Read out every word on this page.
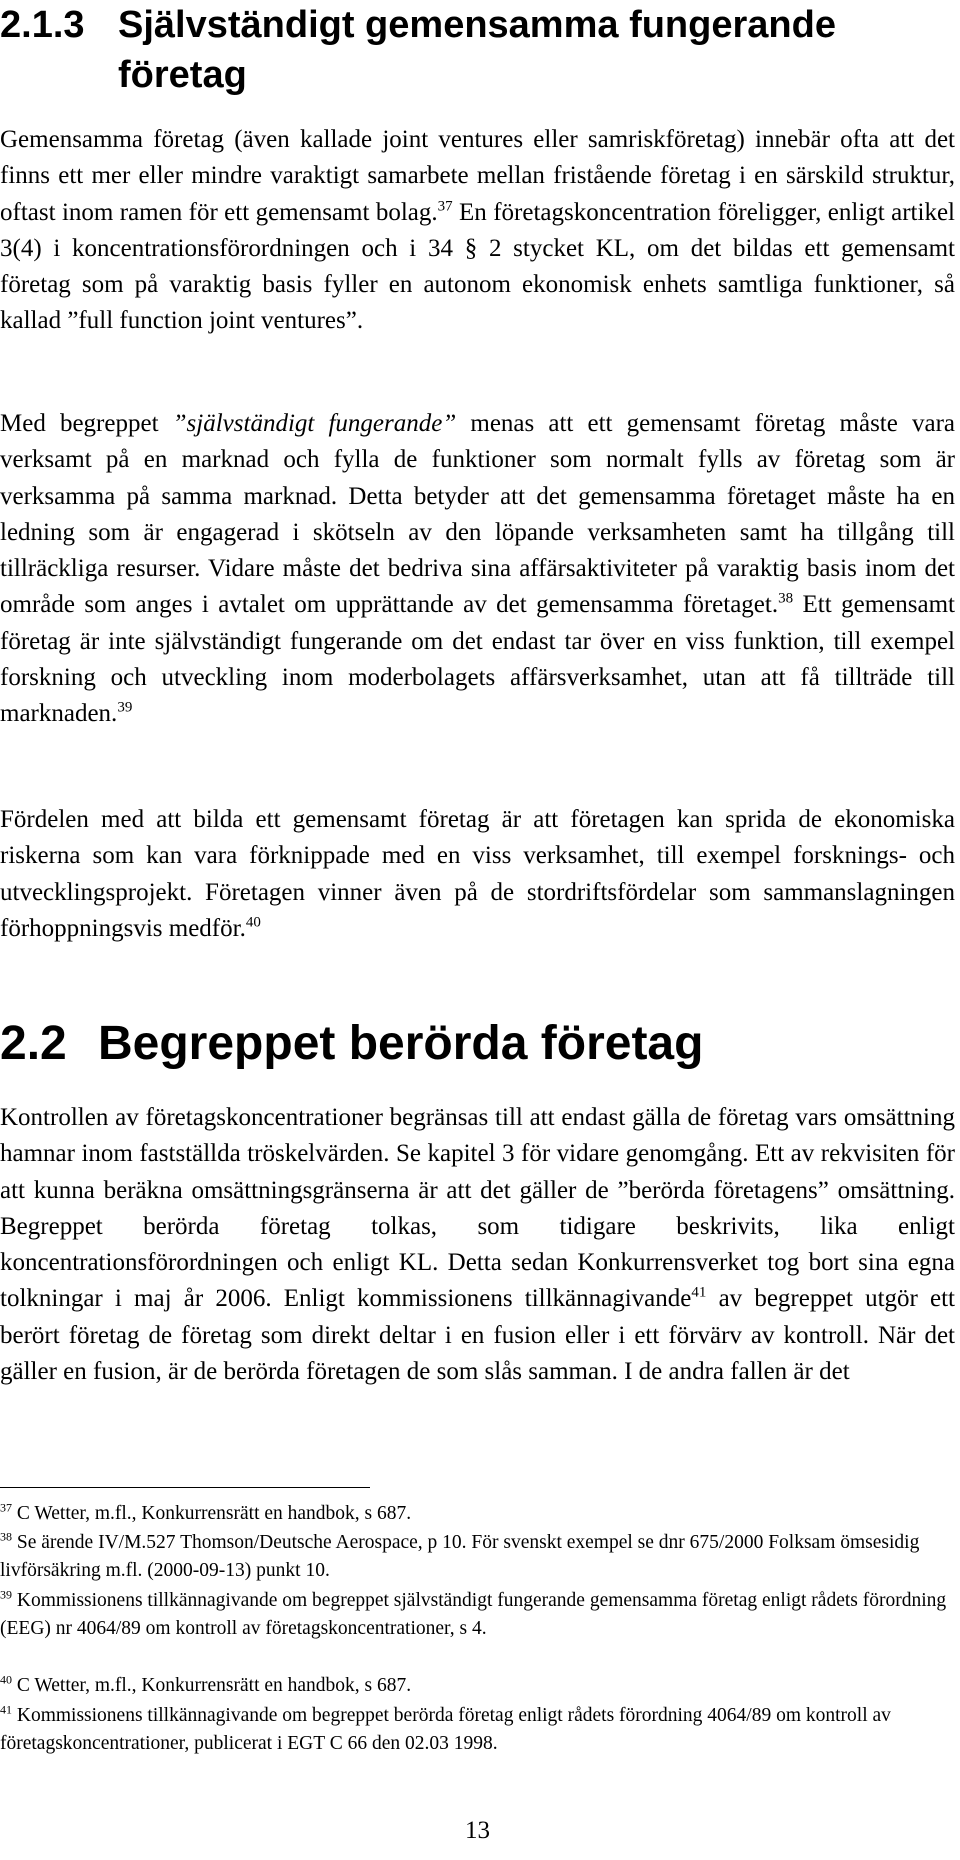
2.1.3 Självständigt gemensamma fungerande företag

Gemensamma företag (även kallade joint ventures eller samriskföretag) innebär ofta att det finns ett mer eller mindre varaktigt samarbete mellan fristående företag i en särskild struktur, oftast inom ramen för ett gemensamt bolag.$^{37}$ En företagskoncentration föreligger, enligt artikel 3(4) i koncentrationsförordningen och i 34 § 2 stycket KL, om det bildas ett gemensamt företag som på varaktig basis fyller en autonom ekonomisk enhets samtliga funktioner, så kallad ”full function joint ventures”.

Med begreppet ”självständigt fungerande” menas att ett gemensamt företag måste vara verksamt på en marknad och fylla de funktioner som normalt fylls av företag som är verksamma på samma marknad. Detta betyder att det gemensamma företaget måste ha en ledning som är engagerad i skötseln av den löpande verksamheten samt ha tillgång till tillräckliga resurser. Vidare måste det bedriva sina affärsaktiviteter på varaktig basis inom det område som anges i avtalet om upprättande av det gemensamma företaget.$^{38}$ Ett gemensamt företag är inte självständigt fungerande om det endast tar över en viss funktion, till exempel forskning och utveckling inom moderbolagets affärsverksamhet, utan att få tillträde till marknaden.$^{39}$

Fördelen med att bilda ett gemensamt företag är att företagen kan sprida de ekonomiska riskerna som kan vara förknippade med en viss verksamhet, till exempel forsknings- och utvecklingsprojekt. Företagen vinner även på de stordriftsfördelar som sammanslagningen förhoppningsvis medför.$^{40}$

2.2 Begreppet berörda företag

Kontrollen av företagskoncentrationer begränsas till att endast gälla de företag vars omsättning hamnar inom fastställda tröskelvärden. Se kapitel 3 för vidare genomgång. Ett av rekvisiten för att kunna beräkna omsättningsgränserna är att det gäller de ”berörda företagens” omsättning. Begreppet berörda företag tolkas, som tidigare beskrivits, lika enligt koncentrationsförordningen och enligt KL. Detta sedan Konkurrensverket tog bort sina egna tolkningar i maj år 2006. Enligt kommissionens tillkännagivande$^{41}$ av begreppet utgör ett berört företag de företag som direkt deltar i en fusion eller i ett förvärv av kontroll. När det gäller en fusion, är de berörda företagen de som slås samman. I de andra fallen är det

$^{37}$ C Wetter, m.fl., Konkurrensrätt en handbok, s 687.

$^{38}$ Se ärende IV/M.527 Thomson/Deutsche Aerospace, p 10. För svenskt exempel se dnr 675/2000 Folksam ömsesidig livförsäkring m.fl. (2000-09-13) punkt 10.

$^{39}$ Kommissionens tillkännagivande om begreppet självständigt fungerande gemensamma företag enligt rådets förordning (EEG) nr 4064/89 om kontroll av företagskoncentrationer, s 4.

$^{40}$ C Wetter, m.fl., Konkurrensrätt en handbok, s 687.

$^{41}$ Kommissionens tillkännagivande om begreppet berörda företag enligt rådets förordning 4064/89 om kontroll av företagskoncentrationer, publicerat i EGT C 66 den 02.03 1998.

13
